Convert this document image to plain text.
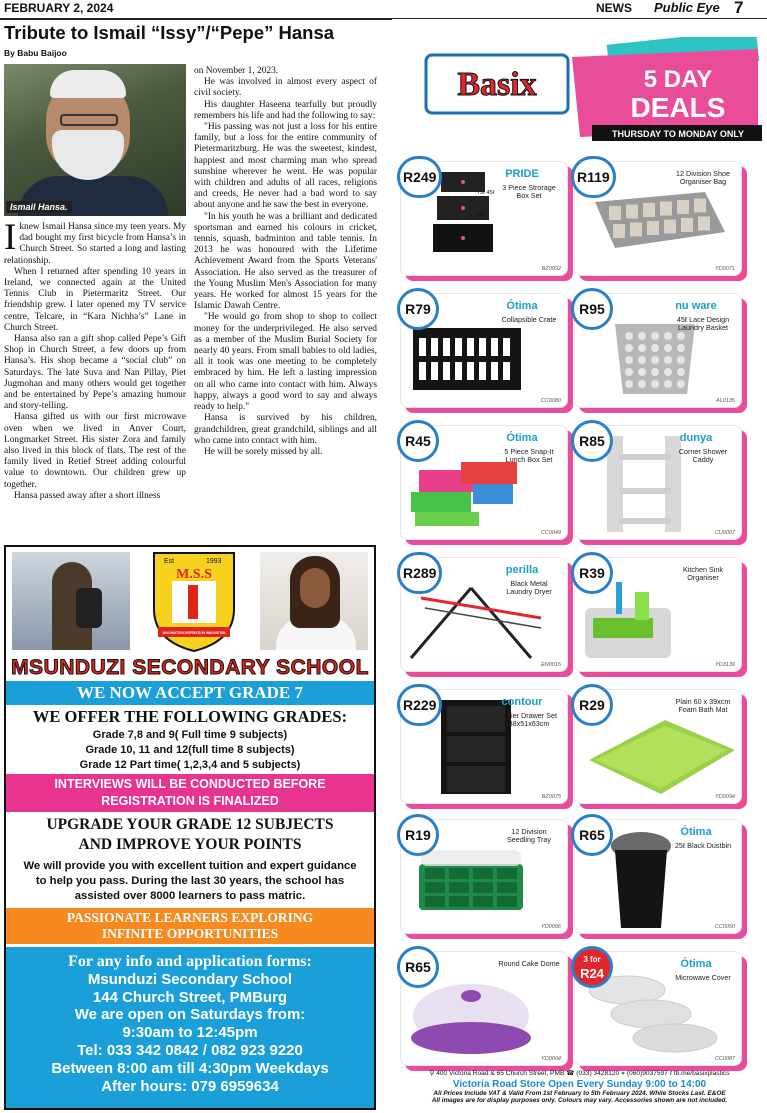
FEBRUARY 2, 2024	NEWS Public Eye 7
Tribute to Ismail “Issy”/“Pepe” Hansa
By Babu Baijoo
Ismail Hansa.

Iknew Ismail Hansa since my teen years. My dad bought my first bicycle from Hansa’s in Church Street. So started a long and lasting relationship.

When I returned after spending 10 years in Ireland, we connected again at the United Tennis Club in Pietermaritz Street. Our friendship grew. I later opened my TV service centre, Telcare, in “Kara Nichha’s” Lane in Church Street.

Hansa also ran a gift shop called Pepe’s Gift Shop in Church Street, a few doors up from Hansa’s. His shop became a “social club” on Saturdays. The late Suva and Nan Pillay, Piet Jugmohan and many others would get together and be entertained by Pepe’s amazing humour and story-telling.

Hansa gifted us with our first microwave oven when we lived in Anver Court, Longmarket Street. His sister Zora and family also lived in this block of flats. The rest of the family lived in Retief Street adding colourful value to downtown. Our children grew up together.

Hansa passed away after a short illness

on November 1, 2023.

He was involved in almost every aspect of civil society.

His daughter Haseena tearfully but proudly remembers his life and had the following to say:

"His passing was not just a loss for his entire family, but a loss for the entire community of Pietermaritzburg. He was the sweetest, kindest, happiest and most charming man who spread sunshine wherever he went. He was popular with children and adults of all races, religions and creeds, He never had a bad word to say about anyone and he saw the best in everyone.

"In his youth he was a brilliant and dedicated sportsman and earned his colours in cricket, tennis, squash, badminton and table tennis. In 2013 he was honoured with the Lifetime Achievement Award from the Sports Veterans' Association. He also served as the treasurer of the Young Muslim Men's Association for many years. He worked for almost 15 years for the Islamic Dawah Centre.

"He would go from shop to shop to collect money for the underprivileged. He also served as a member of the Muslim Burial Society for nearly 40 years. From small babies to old ladies, all it took was one meeting to be completely embraced by him. He left a lasting impression on all who came into contact with him. Always happy, always a good word to say and always ready to help."

Hansa is survived by his children, grandchildren, great grandchild, siblings and all who came into contact with him.

He will be sorely missed by all.

Est	1993
M.S.S
IMAGINATION INSPIRATION INNOVATION
MSUNDUZI SECONDARY SCHOOL
WE NOW ACCEPT GRADE 7
WE OFFER THE FOLLOWING GRADES:
Grade 7,8 and 9( Full time 9 subjects)
Grade 10, 11 and 12(full time 8 subjects)
Grade 12 Part time( 1,2,3,4 and 5 subjects)
INTERVIEWS WILL BE CONDUCTED BEFORE
REGISTRATION IS FINALIZED
UPGRADE YOUR GRADE 12 SUBJECTS
AND IMPROVE YOUR POINTS
We will provide you with excellent tuition and expert guidance to help you pass. During the last 30 years, the school has assisted over 8000 learners to pass matric.
PASSIONATE LEARNERS EXPLORING
INFINITE OPPORTUNITIES
For any info and application forms:
Msunduzi Secondary School
144 Church Street, PMBurg
We are open on Saturdays from:
9:30am to 12:45pm
Tel: 033 342 0842 / 082 923 9220
Between 8:00 am till 4:30pm Weekdays
After hours: 079 6959634
Basix	5 DAY
DEALS
THURSDAY TO MONDAY ONLY
R249	PRIDE
3 Piece Strorage Box Set
75ℓ 45ℓ 65ℓ
BZ0092
R119	12 Division Shoe Organiser Bag
YD0071
R79	Ótima
Collapsible Crate
CC0080
R95	nu ware
45ℓ Lace Design Laundry Basket
AL0135
R45	Ótima
5 Piece Snap-It Lunch Box Set
CC0049
R85	dunya
Corner Shower Caddy
CU0007
R289	perilla
Black Metal Laundry Dryer
EN0015
R39	Kitchen Sink Organiser
YD3139
R229	contour
3 Tier Drawer Set 38x51x63cm
BZ0075
R29	Plain 60 x 39xcm Foam Bath Mat
YD0094
R19	12 Division Seedling Tray
YD0096
R65	Ótima
25ℓ Black Dustbin
CC0050
R65	Round Cake Dome
YD0004
3 for
R24
Ótima
Microwave Cover
CC0087
⚲ 400 Victoria Road & 65 Church Street, PMB ☎ (033) 3428120 ● (060)9037597 f fb.me/basixplastics
Victoria Road Store Open Every Sunday 9:00 to 14:00
All Prices Include VAT & Valid From 1st February to 5th February 2024. While Stocks Last. E&OE
All images are for display purposes only. Colours may vary. Accessories shown are not included.
